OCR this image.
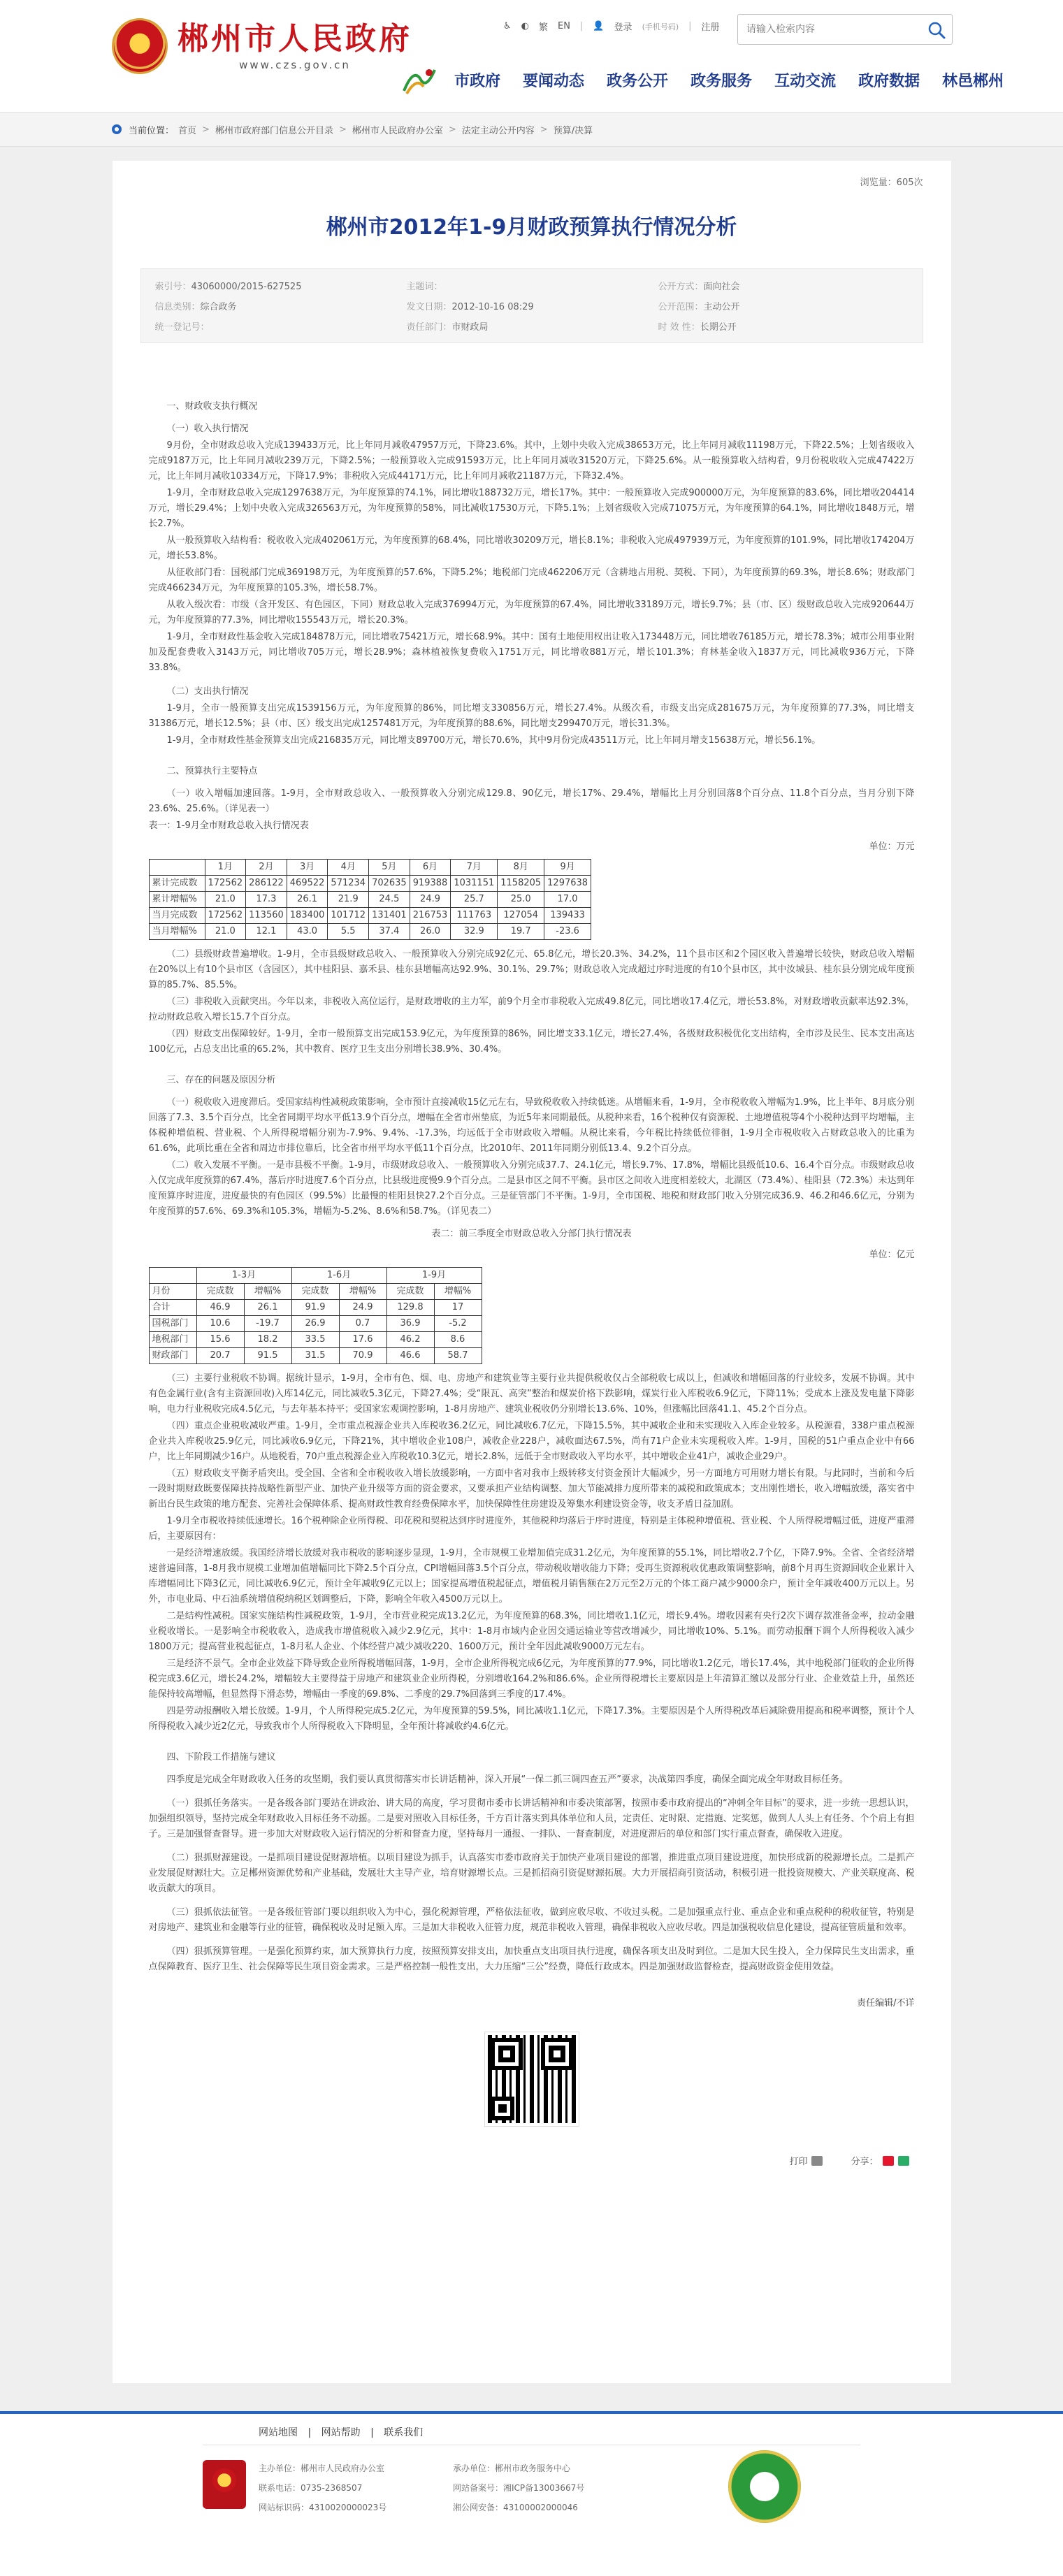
郴州市人民政府
www.czs.gov.cn
♿ ◐ 繁 EN | 👤 登录 (手机号码) | 注册
请输入检索内容
市政府 要闻动态 政务公开 政务服务 互动交流 政府数据 林邑郴州
当前位置： 首页 > 郴州市政府部门信息公开目录 > 郴州市人民政府办公室 > 法定主动公开内容 > 预算/决算
浏览量：605次
郴州市2012年1-9月财政预算执行情况分析
索引号：43060000/2015-627525	主题词：	公开方式：面向社会
信息类别：综合政务	发文日期：2012-10-16 08:29	公开范围：主动公开
统一登记号：	责任部门：市财政局	时 效 性：长期公开

一、财政收支执行概况

（一）收入执行情况

9月份，全市财政总收入完成139433万元，比上年同月减收47957万元，下降23.6%。其中，上划中央收入完成38653万元，比上年同月减收11198万元，下降22.5%；上划省级收入完成9187万元，比上年同月减收239万元，下降2.5%；一般预算收入完成91593万元，比上年同月减收31520万元，下降25.6%。从一般预算收入结构看，9月份税收收入完成47422万元，比上年同月减收10334万元，下降17.9%；非税收入完成44171万元，比上年同月减收21187万元，下降32.4%。

1-9月，全市财政总收入完成1297638万元，为年度预算的74.1%，同比增收188732万元，增长17%。其中：一般预算收入完成900000万元，为年度预算的83.6%，同比增收204414万元，增长29.4%；上划中央收入完成326563万元，为年度预算的58%，同比减收17530万元，下降5.1%；上划省级收入完成71075万元，为年度预算的64.1%，同比增收1848万元，增长2.7%。

从一般预算收入结构看：税收收入完成402061万元，为年度预算的68.4%，同比增收30209万元，增长8.1%；非税收入完成497939万元，为年度预算的101.9%，同比增收174204万元，增长53.8%。

从征收部门看：国税部门完成369198万元，为年度预算的57.6%，下降5.2%；地税部门完成462206万元（含耕地占用税、契税、下同），为年度预算的69.3%，增长8.6%；财政部门完成466234万元，为年度预算的105.3%，增长58.7%。

从收入级次看：市级（含开发区、有色园区，下同）财政总收入完成376994万元，为年度预算的67.4%，同比增收33189万元，增长9.7%；县（市、区）级财政总收入完成920644万元，为年度预算的77.3%，同比增收155543万元，增长20.3%。

1-9月，全市财政性基金收入完成184878万元，同比增收75421万元，增长68.9%。其中：国有土地使用权出让收入173448万元，同比增收76185万元，增长78.3%；城市公用事业附加及配套费收入3143万元，同比增收705万元，增长28.9%；森林植被恢复费收入1751万元，同比增收881万元，增长101.3%；育林基金收入1837万元，同比减收936万元，下降33.8%。

（二）支出执行情况

1-9月，全市一般预算支出完成1539156万元，为年度预算的86%，同比增支330856万元，增长27.4%。从级次看，市级支出完成281675万元，为年度预算的77.3%，同比增支31386万元，增长12.5%；县（市、区）级支出完成1257481万元，为年度预算的88.6%，同比增支299470万元，增长31.3%。

1-9月，全市财政性基金预算支出完成216835万元，同比增支89700万元，增长70.6%，其中9月份完成43511万元，比上年同月增支15638万元，增长56.1%。

二、预算执行主要特点

（一）收入增幅加速回落。1-9月，全市财政总收入、一般预算收入分别完成129.8、90亿元，增长17%、29.4%，增幅比上月分别回落8个百分点、11.8个百分点，当月分别下降23.6%、25.6%。（详见表一）

表一：1-9月全市财政总收入执行情况表

单位：万元
	1月	2月	3月	4月	5月	6月	7月	8月	9月
累计完成数	172562	286122	469522	571234	702635	919388	1031151	1158205	1297638
累计增幅%	21.0	17.3	26.1	21.9	24.5	24.9	25.7	25.0	17.0
当月完成数	172562	113560	183400	101712	131401	216753	111763	127054	139433
当月增幅%	21.0	12.1	43.0	5.5	37.4	26.0	32.9	19.7	-23.6

（二）县级财政普遍增收。1-9月，全市县级财政总收入、一般预算收入分别完成92亿元、65.8亿元，增长20.3%、34.2%，11个县市区和2个园区收入普遍增长较快，财政总收入增幅在20%以上有10个县市区（含园区），其中桂阳县、嘉禾县、桂东县增幅高达92.9%、30.1%、29.7%；财政总收入完成超过序时进度的有10个县市区，其中汝城县、桂东县分别完成年度预算的85.7%、85.5%。

（三）非税收入贡献突出。今年以来，非税收入高位运行，是财政增收的主力军，前9个月全市非税收入完成49.8亿元，同比增收17.4亿元，增长53.8%，对财政增收贡献率达92.3%，拉动财政总收入增长15.7个百分点。

（四）财政支出保障较好。1-9月，全市一般预算支出完成153.9亿元，为年度预算的86%，同比增支33.1亿元，增长27.4%，各级财政积极优化支出结构，全市涉及民生、民本支出高达100亿元，占总支出比重的65.2%，其中教育、医疗卫生支出分别增长38.9%、30.4%。

三、存在的问题及原因分析

（一）税收收入进度滞后。受国家结构性减税政策影响，全市预计直接减收15亿元左右，导致税收收入持续低迷。从增幅来看，1-9月，全市税收收入增幅为1.9%，比上半年、8月底分别回落了7.3、3.5个百分点，比全省同期平均水平低13.9个百分点，增幅在全省市州垫底，为近5年来同期最低。从税种来看，16个税种仅有资源税、土地增值税等4个小税种达到平均增幅，主体税种增值税、营业税、个人所得税增幅分别为-7.9%、9.4%、-17.3%，均远低于全市财政收入增幅。从税比来看，今年税比持续低位徘徊，1-9月全市税收收入占财政总收入的比重为61.6%，此项比重在全省和周边市排位靠后，比全省市州平均水平低11个百分点，比2010年、2011年同期分别低13.4、9.2个百分点。

（二）收入发展不平衡。一是市县极不平衡。1-9月，市级财政总收入、一般预算收入分别完成37.7、24.1亿元，增长9.7%、17.8%，增幅比县级低10.6、16.4个百分点。市级财政总收入仅完成年度预算的67.4%，落后序时进度7.6个百分点，比县级进度慢9.9个百分点。二是县市区之间不平衡。县市区之间收入进度相差较大，北湖区（73.4%）、桂阳县（72.3%）未达到年度预算序时进度，进度最快的有色园区（99.5%）比最慢的桂阳县快27.2个百分点。三是征管部门不平衡。1-9月，全市国税、地税和财政部门收入分别完成36.9、46.2和46.6亿元，分别为年度预算的57.6%、69.3%和105.3%，增幅为-5.2%、8.6%和58.7%。（详见表二）

表二：前三季度全市财政总收入分部门执行情况表
单位：亿元
	1-3月		1-6月		1-9月	
月份	完成数	增幅%	完成数	增幅%	完成数	增幅%
合计	46.9	26.1	91.9	24.9	129.8	17
国税部门	10.6	-19.7	26.9	0.7	36.9	-5.2
地税部门	15.6	18.2	33.5	17.6	46.2	8.6
财政部门	20.7	91.5	31.5	70.9	46.6	58.7

（三）主要行业税收不协调。据统计显示，1-9月，全市有色、烟、电、房地产和建筑业等主要行业共提供税收仅占全部税收七成以上，但减收和增幅回落的行业较多，发展不协调。其中有色金属行业(含有主资源回收)入库14亿元，同比减收5.3亿元，下降27.4%；受“限瓦、高突”整治和煤炭价格下跌影响，煤炭行业入库税收6.9亿元，下降11%；受成本上涨及发电量下降影响，电力行业税收完成4.5亿元，与去年基本持平；受国家宏观调控影响，1-8月房地产、建筑业税收仍分别增长13.6%、10%，但涨幅比回落41.1、45.2个百分点。

（四）重点企业税收减收严重。1-9月，全市重点税源企业共入库税收36.2亿元，同比减收6.7亿元，下降15.5%，其中减收企业和未实现收入入库企业较多。从税源看，338户重点税源企业共入库税收25.9亿元，同比减收6.9亿元，下降21%，其中增收企业108户，减收企业228户，减收面达67.5%，尚有71户企业未实现税收入库。1-9月，国税的51户重点企业中有66户，比上年同期减少16户。从地税看，70户重点税源企业入库税收10.3亿元，增长2.8%，远低于全市财政收入平均水平，其中增收企业41户，减收企业29户。

（五）财政收支平衡矛盾突出。受全国、全省和全市税收收入增长放缓影响，一方面中省对我市上级转移支付资金预计大幅减少，另一方面地方可用财力增长有限。与此同时，当前和今后一段时期财政既要保障扶持战略性新型产业、加快产业升级等方面的资金要求，又要承担产业结构调整、加大节能减排力度所带来的减税和政策成本；支出刚性增长，收入增幅放缓，落实省中新出台民生政策的地方配套、完善社会保障体系、提高财政性教育经费保障水平，加快保障性住房建设及筹集水利建设资金等，收支矛盾日益加剧。

1-9月全市税收持续低速增长。16个税种除企业所得税、印花税和契税达到序时进度外，其他税种均落后于序时进度，特别是主体税种增值税、营业税、个人所得税增幅过低，进度严重滞后，主要原因有：

一是经济增速放缓。我国经济增长放缓对我市税收的影响逐步显现，1-9月，全市规模工业增加值完成31.2亿元，为年度预算的55.1%，同比增收2.7个亿，下降7.9%。全省、全省经济增速普遍回落，1-8月我市规模工业增加值增幅同比下降2.5个百分点，CPI增幅回落3.5个百分点，带动税收增收能力下降；受再生资源税收优惠政策调整影响，前8个月再生资源回收企业累计入库增幅同比下降3亿元，同比减收6.9亿元，预计全年减收9亿元以上；国家提高增值税起征点，增值税月销售额在2万元至2万元的个体工商户减少9000余户，预计全年减收400万元以上。另外，市电业局、中石油系统增值税纳税区划调整后，下降，影响全年收入4500万元以上。

二是结构性减税。国家实施结构性减税政策，1-9月，全市营业税完成13.2亿元，为年度预算的68.3%，同比增收1.1亿元，增长9.4%。增收因素有央行2次下调存款准备金率，拉动金融业税收增长。一是影响全市税收收入，造成我市增值税收入减少2.9亿元，其中：1-8月市域内企业因交通运输业等营改增减少，同比增收10%、5.1%。而劳动报酬下调个人所得税收入减少1800万元；提高营业税起征点，1-8月私人企业、个体经营户减少减收220、1600万元，预计全年因此减收9000万元左右。

三是经济不景气。全市企业效益下降导致企业所得税增幅回落，1-9月，全市企业所得税完成6亿元，为年度预算的77.9%，同比增收1.2亿元，增长17.4%，其中地税部门征收的企业所得税完成3.6亿元，增长24.2%，增幅较大主要得益于房地产和建筑业企业所得税，分别增收164.2%和86.6%。企业所得税增长主要原因是上年清算汇缴以及部分行业、企业效益上升，虽然还能保持较高增幅，但显然得下滑态势，增幅由一季度的69.8%、二季度的29.7%回落到三季度的17.4%。

四是劳动报酬收入增长放缓。1-9月，个人所得税完成5.2亿元，为年度预算的59.5%，同比减收1.1亿元，下降17.3%。主要原因是个人所得税改革后减除费用提高和税率调整，预计个人所得税收入减少近2亿元，导致我市个人所得税收入下降明显，全年预计将减收约4.6亿元。

四、下阶段工作措施与建议

四季度是完成全年财政收入任务的攻坚期，我们要认真贯彻落实市长讲话精神，深入开展“一保二抓三调四查五严”要求，决战第四季度，确保全面完成全年财政目标任务。

（一）狠抓任务落实。一是各级各部门要站在讲政治、讲大局的高度，学习贯彻市委市长讲话精神和市委决策部署，按照市委市政府提出的“冲刺全年目标”的要求，进一步统一思想认识，加强组织领导，坚持完成全年财政收入目标任务不动摇。二是要对照收入目标任务，千方百计落实到具体单位和人员，定责任、定时限、定措施、定奖惩，做到人人头上有任务、个个肩上有担子。三是加强督查督导。进一步加大对财政收入运行情况的分析和督查力度，坚持每月一通报、一排队、一督查制度，对进度滞后的单位和部门实行重点督查，确保收入进度。

（二）狠抓财源建设。一是抓项目建设促财源培植。以项目建设为抓手，认真落实市委市政府关于加快产业项目建设的部署，推进重点项目建设进度，加快形成新的税源增长点。二是抓产业发展促财源壮大。立足郴州资源优势和产业基础，发展壮大主导产业，培育财源增长点。三是抓招商引资促财源拓展。大力开展招商引资活动，积极引进一批投资规模大、产业关联度高、税收贡献大的项目。

（三）狠抓依法征管。一是各级征管部门要以组织收入为中心，强化税源管理，严格依法征收，做到应收尽收、不收过头税。二是加强重点行业、重点企业和重点税种的税收征管，特别是对房地产、建筑业和金融等行业的征管，确保税收及时足额入库。三是加大非税收入征管力度，规范非税收入管理，确保非税收入应收尽收。四是加强税收信息化建设，提高征管质量和效率。

（四）狠抓预算管理。一是强化预算约束，加大预算执行力度，按照预算安排支出，加快重点支出项目执行进度，确保各项支出及时到位。二是加大民生投入，全力保障民生支出需求，重点保障教育、医疗卫生、社会保障等民生项目资金需求。三是严格控制一般性支出，大力压缩“三公”经费，降低行政成本。四是加强财政监督检查，提高财政资金使用效益。

责任编辑/不详
打印	分享：
网站地图 | 网站帮助 | 联系我们
主办单位：郴州市人民政府办公室
联系电话：0735-2368507
网站标识码：4310020000023号
承办单位：郴州市政务服务中心
网站备案号：湘ICP备13003667号
湘公网安备：43100002000046
